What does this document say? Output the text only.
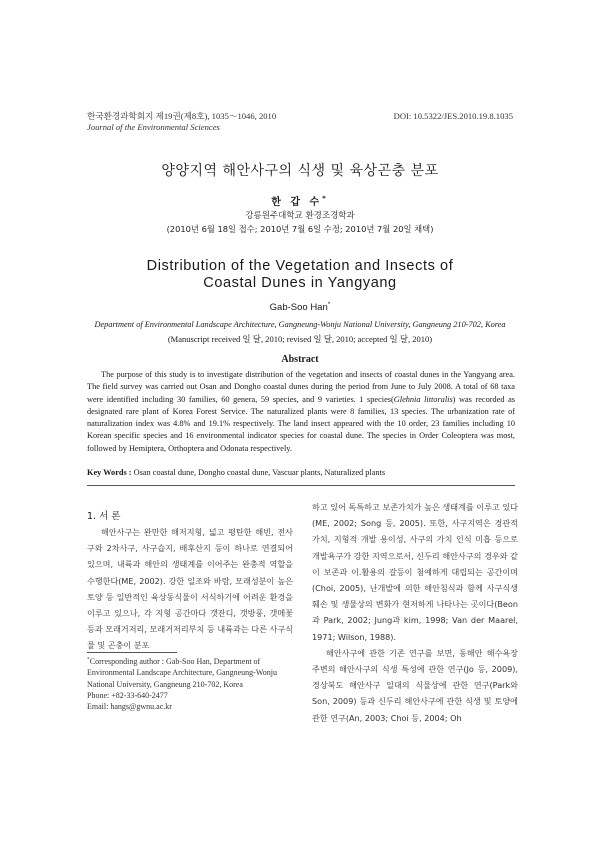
한국환경과학회지 제19권(제8호), 1035～1046, 2010
Journal of the Environmental Sciences
DOI: 10.5322/JES.2010.19.8.1035
양양지역 해안사구의 식생 및 육상곤충 분포
한 갑 수*
강릉원주대학교 환경조경학과
(2010년 6월 18일 접수; 2010년 7월 6일 수정; 2010년 7월 20일 채택)
Distribution of the Vegetation and Insects of
Coastal Dunes in Yangyang
Gab-Soo Han*
Department of Environmental Landscape Architecture, Gangneung-Wonju National University, Gangneung 210-702, Korea
(Manuscript received 일 달, 2010; revised 일 달, 2010; accepted 일 달, 2010)
Abstract
The purpose of this study is to investigate distribution of the vegetation and insects of coastal dunes in the Yangyang area. The field survey was carried out Osan and Dongho coastal dunes during the period from June to July 2008. A total of 68 taxa were identified including 30 families, 60 genera, 59 species, and 9 varieties. 1 species(Glehnia littoralis) was recorded as designated rare plant of Korea Forest Service. The naturalized plants were 8 families, 13 species. The urbanization rate of naturalization index was 4.8% and 19.1% respectively. The land insect appeared with the 10 order, 23 families including 10 Korean specific species and 16 environmental indicator species for coastal dune. The species in Order Coleoptera was most, followed by Hemiptera, Orthoptera and Odonata respectively.
Key Words : Osan coastal dune, Dongho coastal dune, Vascuar plants, Naturalized plants
1. 서 론

해안사구는 완만한 해저지형, 넓고 평탄한 해빈, 전사구와 2차사구, 사구습지, 배후산지 등이 하나로 연결되어 있으며, 내륙과 해안의 생태계를 이어주는 완충적 역할을 수행한다(ME, 2002). 강한 일조와 바람, 모래성분이 높은 토양 등 일반적인 육상동식물이 서식하기에 어려운 환경을 이루고 있으나, 각 지형 공간마다 갯잔디, 갯방풍, 갯메꽃 등과 모래거저리, 모래거저리부치 등 내륙과는 다른 사구식물 및 곤충이 분포

하고 있어 독특하고 보존가치가 높은 생태계를 이루고 있다(ME, 2002; Song 등, 2005). 또한, 사구지역은 경관적 가치, 지형적 개발 용이성, 사구의 가치 인식 미흡 등으로 개발욕구가 강한 지역으로서, 신두리 해안사구의 경우와 같이 보존과 이․활용의 갈등이 첨예하게 대립되는 공간이며(Choi, 2005), 난개발에 의한 해안침식과 함께 사구식생 훼손 및 생물상의 변화가 현저하게 나타나는 곳이다(Beon과 Park, 2002; Jung과 kim, 1998; Van der Maarel, 1971; Wilson, 1988).

해안사구에 관한 기존 연구를 보면, 동해안 해수욕장 주변의 해안사구의 식생 특성에 관한 연구(Jo 등, 2009), 경상북도 해안사구 일대의 식물상에 관한 연구(Park와 Son, 2009) 등과 신두리 해안사구에 관한 식생 및 토양에 관한 연구(An, 2003; Choi 등, 2004; Oh

*Corresponding author : Gab-Soo Han, Department of Environmental Landscape Architecture, Gangneung-Wonju National University, Gangneung 210-702, Korea
Phone: +82-33-640-2477
Email: hangs@gwnu.ac.kr
